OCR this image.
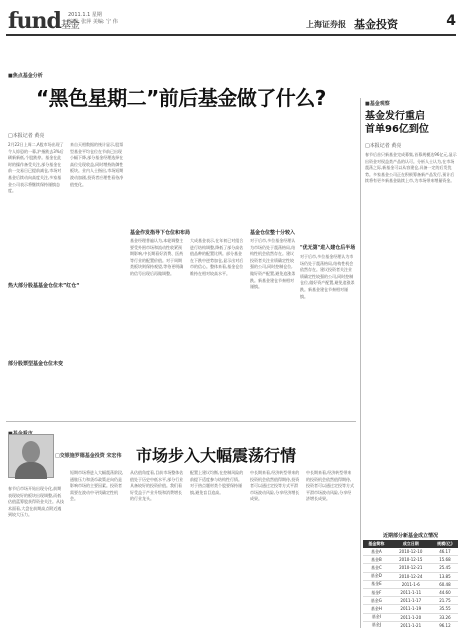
fund基金
2011.1.1 星期
编辑: 张萍 美编: 宁 伟	上海证券报 基金投资	4
■焦点基金分析
“黑色星期二”前后基金做了什么?
□本报记者 黄亮
2月22日上周二,A股市场出现了令人惊恐的一幕,沪指跌去3%后刷新新低,个股跌停。基金在此时的操作备受关注,部分基金在前一交易日已提前减仓,市场对基金后续动向高度关注,多家基金公司表示将继续保持谨慎态度。
热大部分股基基金仓位未”红仓“
部分股票型基金仓位未变
来自天相数据的统计显示,股票型基金平均仓位在节前已出现小幅下降,部分基金经理选择在高位兑现收益,同时增持防御性板块。业内人士指出,市场短期波动加剧,投资者应理性看待净值变化。
基金作发指导下仓位和布局
基金经理普遍认为,本轮调整主要受外围市场和流动性收紧预期影响,中长期看好消费、医药等行业的配置价值。对于周期类板块则保持观望,等待更明确的信号出现后再做调整。
大成基金表示,在年初已对组合进行结构调整,降低了部分高估值品种的配置比例。部分基金在下跌中逆势加仓,显示出对后市的信心。整体来看,基金仓位维持在相对较高水平。
基金仓位整十分较入
对于后市,多位基金经理认为市场仍处于震荡格局,结构性机会依然存在。建议投资者关注业绩确定性较强的公司,同时控制仓位,做好资产配置,避免追涨杀跌。新基金建仓节奏相对谨慎。
"优无第"进入建仓后半场
对于后市,多位基金经理认为市场仍处于震荡格局,结构性机会依然存在。建议投资者关注业绩确定性较强的公司,同时控制仓位,做好资产配置,避免追涨杀跌。新基金建仓节奏相对谨慎。
■基金观察
基金发行重启
首单96亿到位
□本报记者 黄亮
春节后首只新基金完成募集,首募规模达96亿元,显示出资金对权益类产品的认可。分析人士认为,在市场震荡之际,新基金可以从容建仓,具备一定的后发优势。多家基金公司正在积极筹备新产品发行,预计后续将有更多新基金陆续上市,为市场带来增量资金。
近期部分新基金成立情况
基金简称	成立日期	规模(亿)
基金A	2010-12-10	46.17
基金B	2010-12-15	15.68
基金C	2010-12-21	25.45
基金D	2010-12-24	13.85
基金E	2011-1-6	60.48
基金F	2011-1-11	44.60
基金G	2011-1-17	21.75
基金H	2011-1-19	35.55
基金I	2011-1-20	33.26
基金J	2011-1-21	96.12
市场步入大幅震荡行情
□交银施罗德基金投资 宋宏伟
春节后市场开始出现分化,前期表现较好的板块出现调整,而低估值蓝筹股获得资金关注。从技术面看,大盘在前期高点附近遇到较大压力。
短期市场将进入大幅震荡阶段,通胀压力和货币政策走向仍是影响市场的主要因素。投资者需要在波动中寻找确定性机会。
从估值角度看,目前市场整体估值处于历史中低水平,部分行业具备较好的投资价值。我们看好受益于产业升级和消费增长的行业龙头。
配置上建议均衡,在控制风险的前提下适度参与结构性行情。对于热点题材类个股要保持谨慎,避免盲目追高。
中长期来看,经济转型带来的投资机会依然值得期待,投资者可以通过定投等方式平滑市场波动风险,分享经济增长成果。
中长期来看,经济转型带来的投资机会依然值得期待,投资者可以通过定投等方式平滑市场波动风险,分享经济增长成果。
